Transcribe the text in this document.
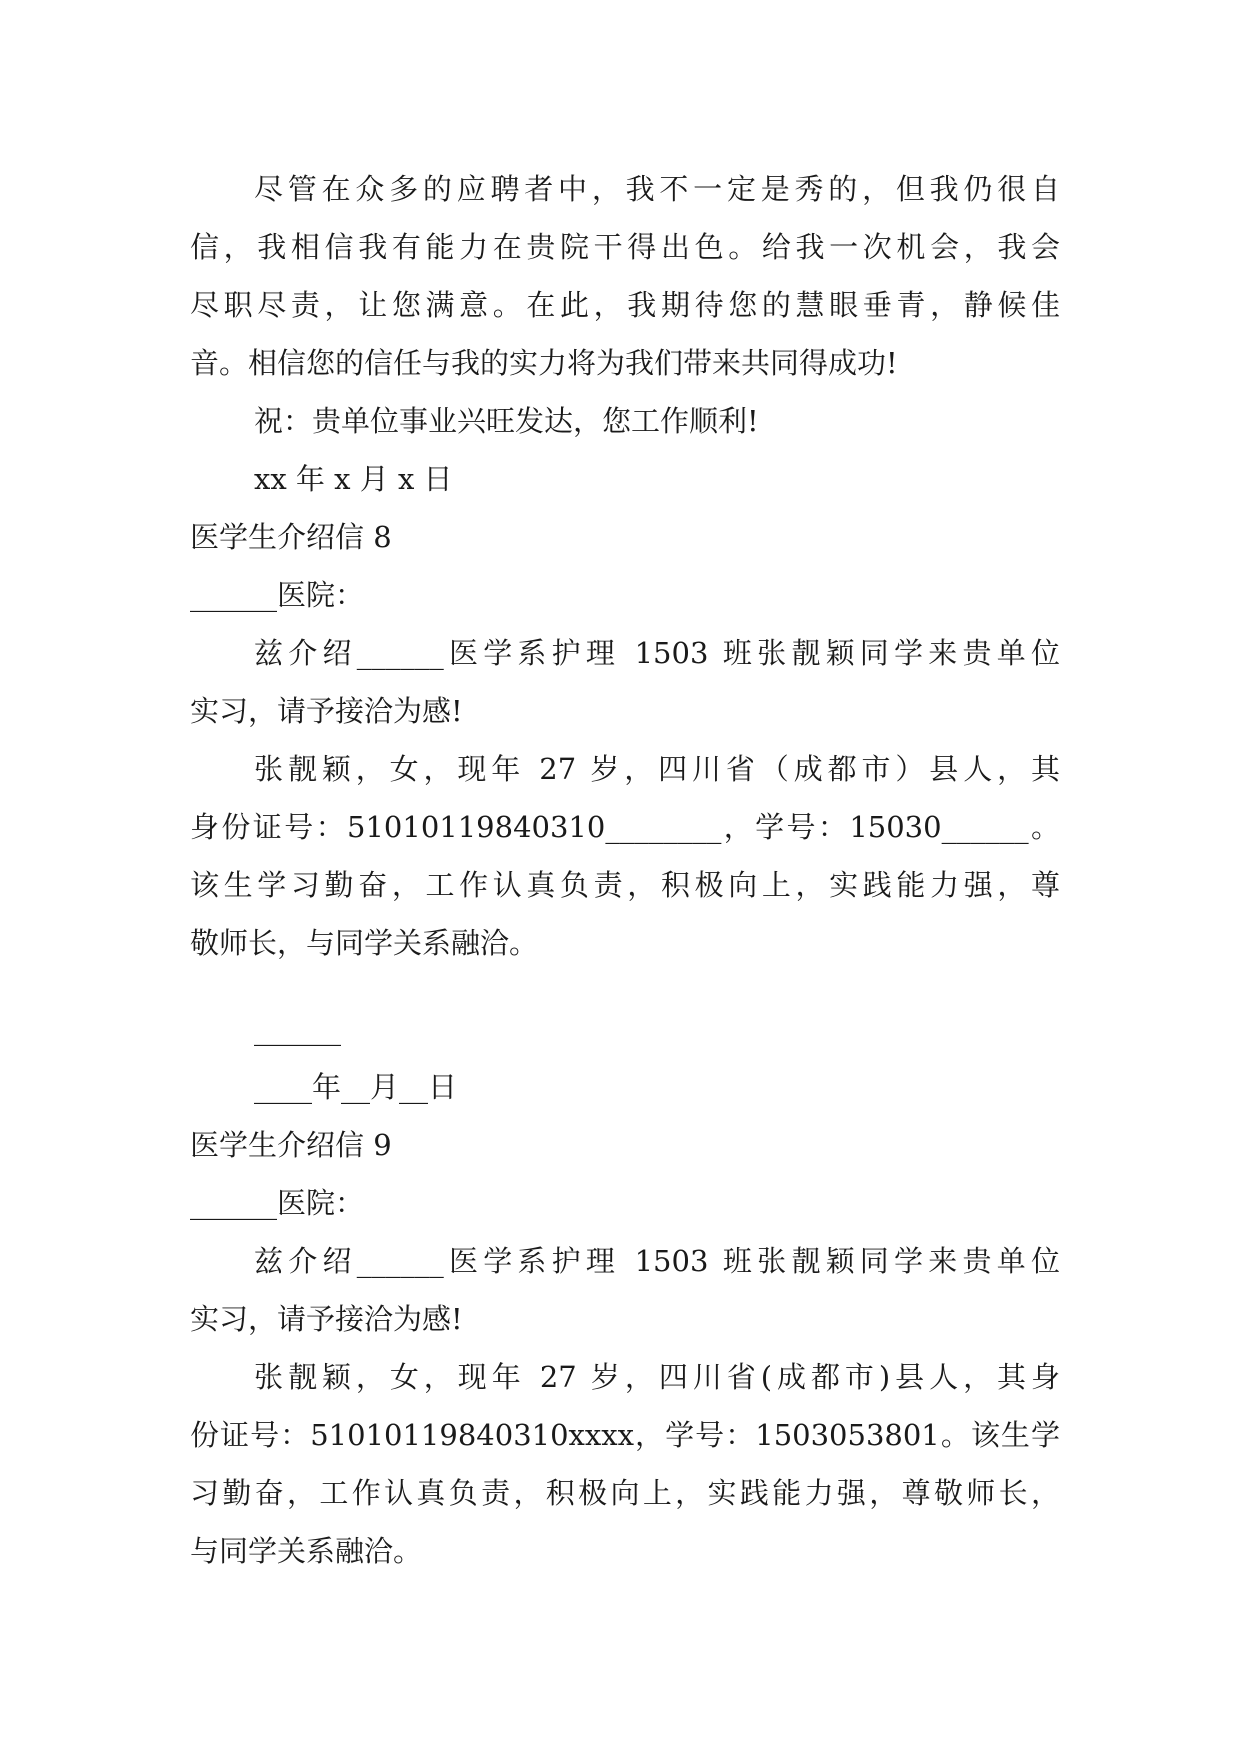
尽管在众多的应聘者中，我不一定是秀的，但我仍很自
信，我相信我有能力在贵院干得出色。给我一次机会，我会
尽职尽责，让您满意。在此，我期待您的慧眼垂青，静候佳
音。相信您的信任与我的实力将为我们带来共同得成功!
祝：贵单位事业兴旺发达，您工作顺利!
xx 年 x 月 x 日
医学生介绍信 8
______医院：
兹介绍______医学系护理 1503 班张靓颖同学来贵单位
实习，请予接洽为感!
张靓颖，女，现年 27 岁，四川省（成都市）县人，其
身份证号：51010119840310________，学号：15030______。
该生学习勤奋，工作认真负责，积极向上，实践能力强，尊
敬师长，与同学关系融洽。
______
____年__月__日
医学生介绍信 9
______医院：
兹介绍______医学系护理 1503 班张靓颖同学来贵单位
实习，请予接洽为感!
张靓颖，女，现年 27 岁，四川省(成都市)县人，其身
份证号：51010119840310xxxx，学号：1503053801。该生学
习勤奋，工作认真负责，积极向上，实践能力强，尊敬师长，
与同学关系融洽。
